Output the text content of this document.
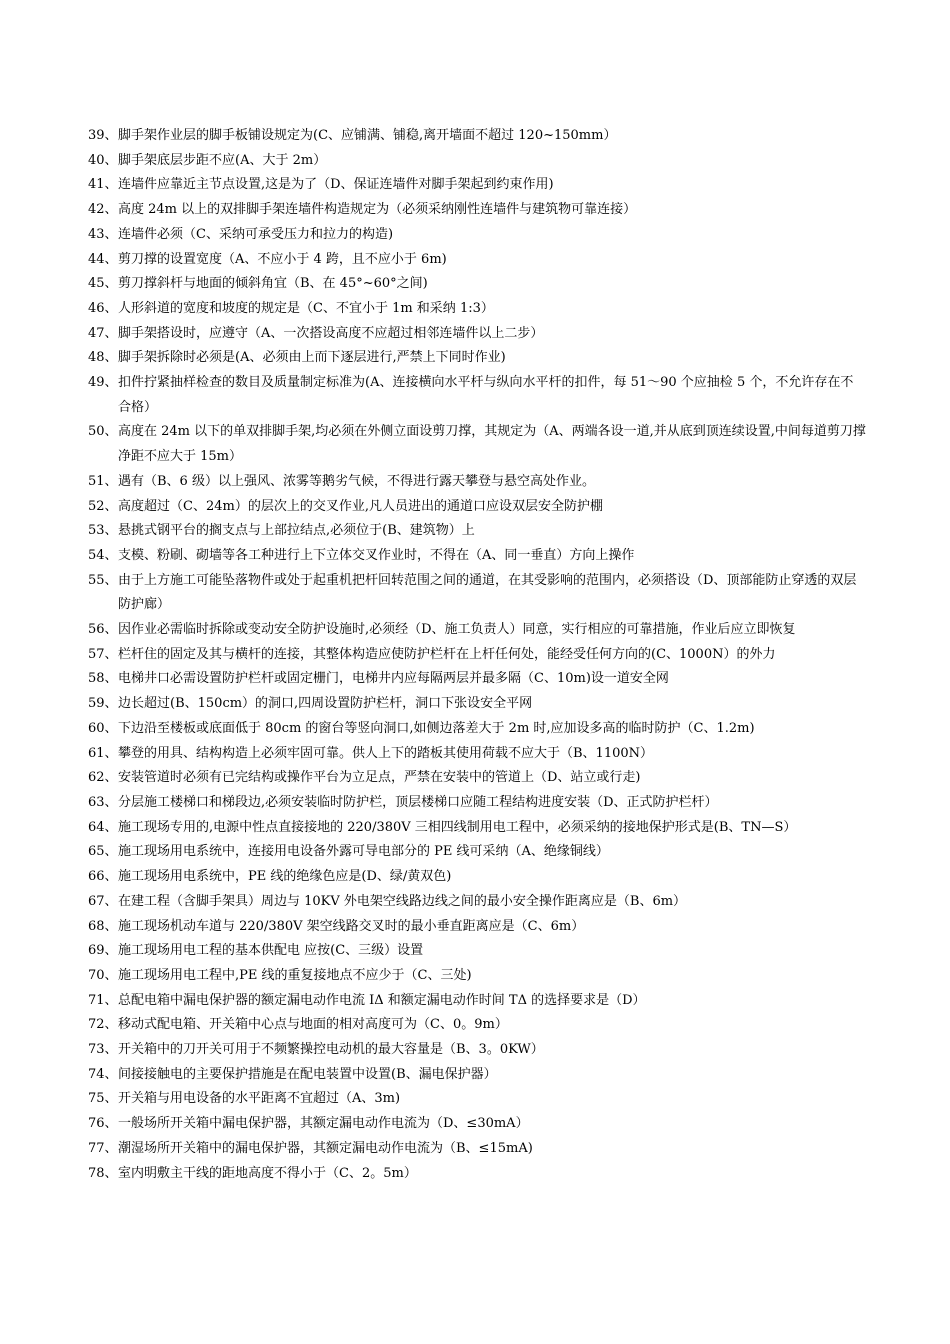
39、 脚手架作业层的脚手板铺设规定为(C、应铺满、铺稳,离开墙面不超过 120~150mm）
40、 脚手架底层步距不应(A、大于 2m）
41、 连墙件应靠近主节点设置,这是为了（D、保证连墙件对脚手架起到约束作用)
42、 高度 24m 以上的双排脚手架连墙件构造规定为（必须采纳刚性连墙件与建筑物可靠连接）
43、 连墙件必须（C、采纳可承受压力和拉力的构造)
44、 剪刀撑的设置宽度（A、不应小于 4 跨，且不应小于 6m)
45、 剪刀撑斜杆与地面的倾斜角宜（B、在 45°~60°之间)
46、 人形斜道的宽度和坡度的规定是（C、不宜小于 1m 和采纳 1:3）
47、 脚手架搭设时，应遵守（A、一次搭设高度不应超过相邻连墙件以上二步）
48、 脚手架拆除时必须是(A、必须由上而下逐层进行,严禁上下同时作业)
49、 扣件拧紧抽样检查的数目及质量制定标准为(A、连接横向水平杆与纵向水平杆的扣件，每 51～90 个应抽检 5 个，不允许存在不合格）
50、 高度在 24m 以下的单双排脚手架,均必须在外侧立面设剪刀撑，其规定为（A、两端各设一道,并从底到顶连续设置,中间每道剪刀撑净距不应大于 15m）
51、 遇有（B、6 级）以上强风、浓雾等鹅劣气候，不得进行露天攀登与悬空高处作业。
52、 高度超过（C、24m）的层次上的交叉作业,凡人员进出的通道口应设双层安全防护棚
53、 悬挑式钢平台的搁支点与上部拉结点,必须位于(B、建筑物）上
54、 支模、粉刷、砌墙等各工种进行上下立体交叉作业时，不得在（A、同一垂直）方向上操作
55、 由于上方施工可能坠落物件或处于起重机把杆回转范围之间的通道，在其受影响的范围内，必须搭设（D、顶部能防止穿透的双层防护廊）
56、 因作业必需临时拆除或变动安全防护设施时,必须经（D、施工负责人）同意，实行相应的可靠措施，作业后应立即恢复
57、 栏杆住的固定及其与横杆的连接，其整体构造应使防护栏杆在上杆任何处，能经受任何方向的(C、1000N）的外力
58、 电梯井口必需设置防护栏杆或固定栅门，电梯井内应每隔两层并最多隔（C、10m)设一道安全网
59、 边长超过(B、150cm）的洞口,四周设置防护栏杆，洞口下张设安全平网
60、 下边沿至楼板或底面低于 80cm 的窗台等竖向洞口,如侧边落差大于 2m 时,应加设多高的临时防护（C、1.2m)
61、 攀登的用具、结构构造上必须牢固可靠。供人上下的踏板其使用荷载不应大于（B、1100N）
62、 安装管道时必须有已完结构或操作平台为立足点，严禁在安装中的管道上（D、站立或行走)
63、 分层施工楼梯口和梯段边,必须安装临时防护栏，顶层楼梯口应随工程结构进度安装（D、正式防护栏杆）
64、 施工现场专用的,电源中性点直接接地的 220/380V 三相四线制用电工程中，必须采纳的接地保护形式是(B、TN—S）
65、 施工现场用电系统中，连接用电设备外露可导电部分的 PE 线可采纳（A、绝缘铜线）
66、 施工现场用电系统中，PE 线的绝缘色应是(D、绿/黄双色)
67、 在建工程（含脚手架具）周边与 10KV 外电架空线路边线之间的最小安全操作距离应是（B、6m）
68、 施工现场机动车道与 220/380V 架空线路交叉时的最小垂直距离应是（C、6m）
69、 施工现场用电工程的基本供配电 应按(C、三级）设置
70、 施工现场用电工程中,PE 线的重复接地点不应少于（C、三处)
71、 总配电箱中漏电保护器的额定漏电动作电流 IΔ 和额定漏电动作时间 TΔ 的选择要求是（D）
72、 移动式配电箱、开关箱中心点与地面的相对高度可为（C、0。9m）
73、 开关箱中的刀开关可用于不频繁操控电动机的最大容量是（B、3。0KW）
74、 间接接触电的主要保护措施是在配电装置中设置(B、漏电保护器）
75、 开关箱与用电设备的水平距离不宜超过（A、3m)
76、 一般场所开关箱中漏电保护器，其额定漏电动作电流为（D、≤30mA）
77、 潮湿场所开关箱中的漏电保护器，其额定漏电动作电流为（B、≤15mA)
78、 室内明敷主干线的距地高度不得小于（C、2。5m）
